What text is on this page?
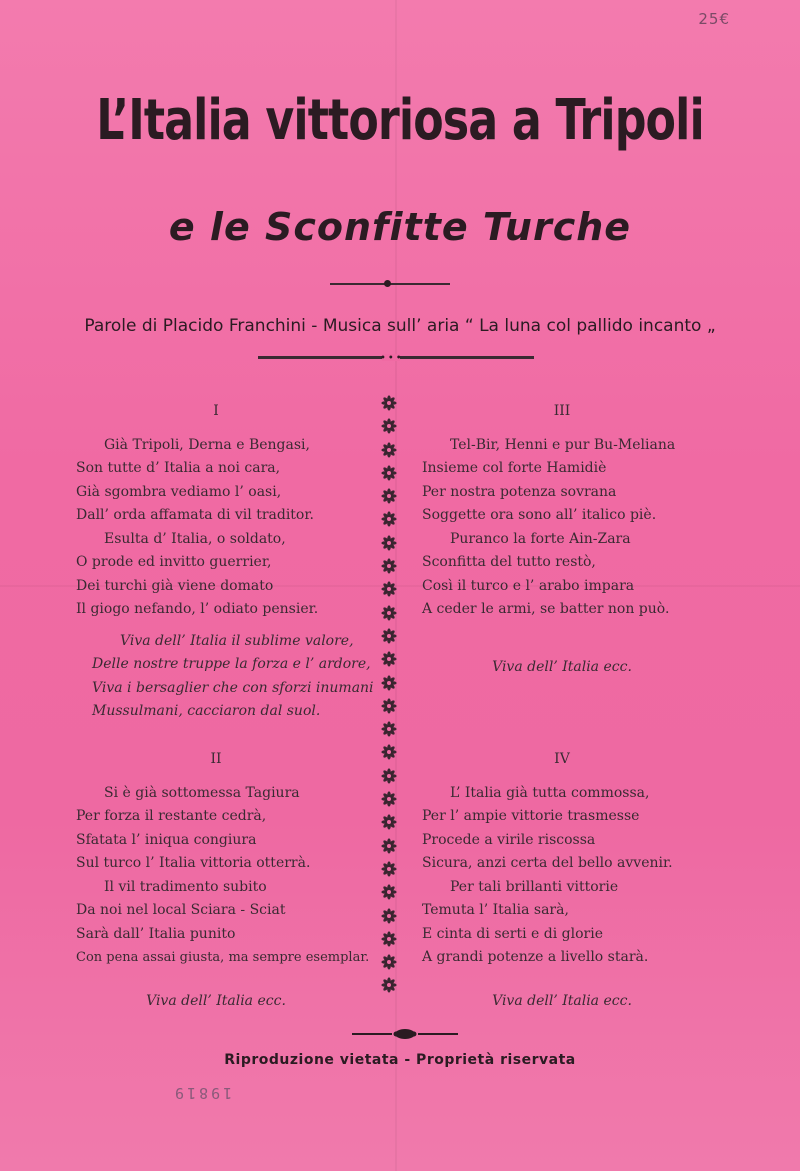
25€
L’Italia vittoriosa a Tripoli
e le Sconfitte Turche
Parole di Placido Franchini - Musica sull’ aria “ La luna col pallido incanto „
•••
I
Già Tripoli, Derna e Bengasi,
Son tutte d’ Italia a noi cara,
Già sgombra vediamo l’ oasi,
Dall’ orda affamata di vil traditor.
Esulta d’ Italia, o soldato,
O prode ed invitto guerrier,
Dei turchi già viene domato
Il giogo nefando, l’ odiato pensier.
Viva dell’ Italia il sublime valore,
Delle nostre truppe la forza e l’ ardore,
Viva i bersaglier che con sforzi inumani
Mussulmani, cacciaron dal suol.
II
Si è già sottomessa Tagiura
Per forza il restante cedrà,
Sfatata l’ iniqua congiura
Sul turco l’ Italia vittoria otterrà.
Il vil tradimento subito
Da noi nel local Sciara - Sciat
Sarà dall’ Italia punito
Con pena assai giusta, ma sempre esemplar.
Viva dell’ Italia ecc.
III
Tel-Bir, Henni e pur Bu-Meliana
Insieme col forte Hamidiè
Per nostra potenza sovrana
Soggette ora sono all’ italico piè.
Puranco la forte Ain-Zara
Sconfitta del tutto restò,
Così il turco e l’ arabo impara
A ceder le armi, se batter non può.
Viva dell’ Italia ecc.
IV
L’ Italia già tutta commossa,
Per l’ ampie vittorie trasmesse
Procede a virile riscossa
Sicura, anzi certa del bello avvenir.
Per tali brillanti vittorie
Temuta l’ Italia sarà,
E cinta di serti e di glorie
A grandi potenze a livello starà.
Viva dell’ Italia ecc.
Riproduzione vietata - Proprietà riservata
19819
